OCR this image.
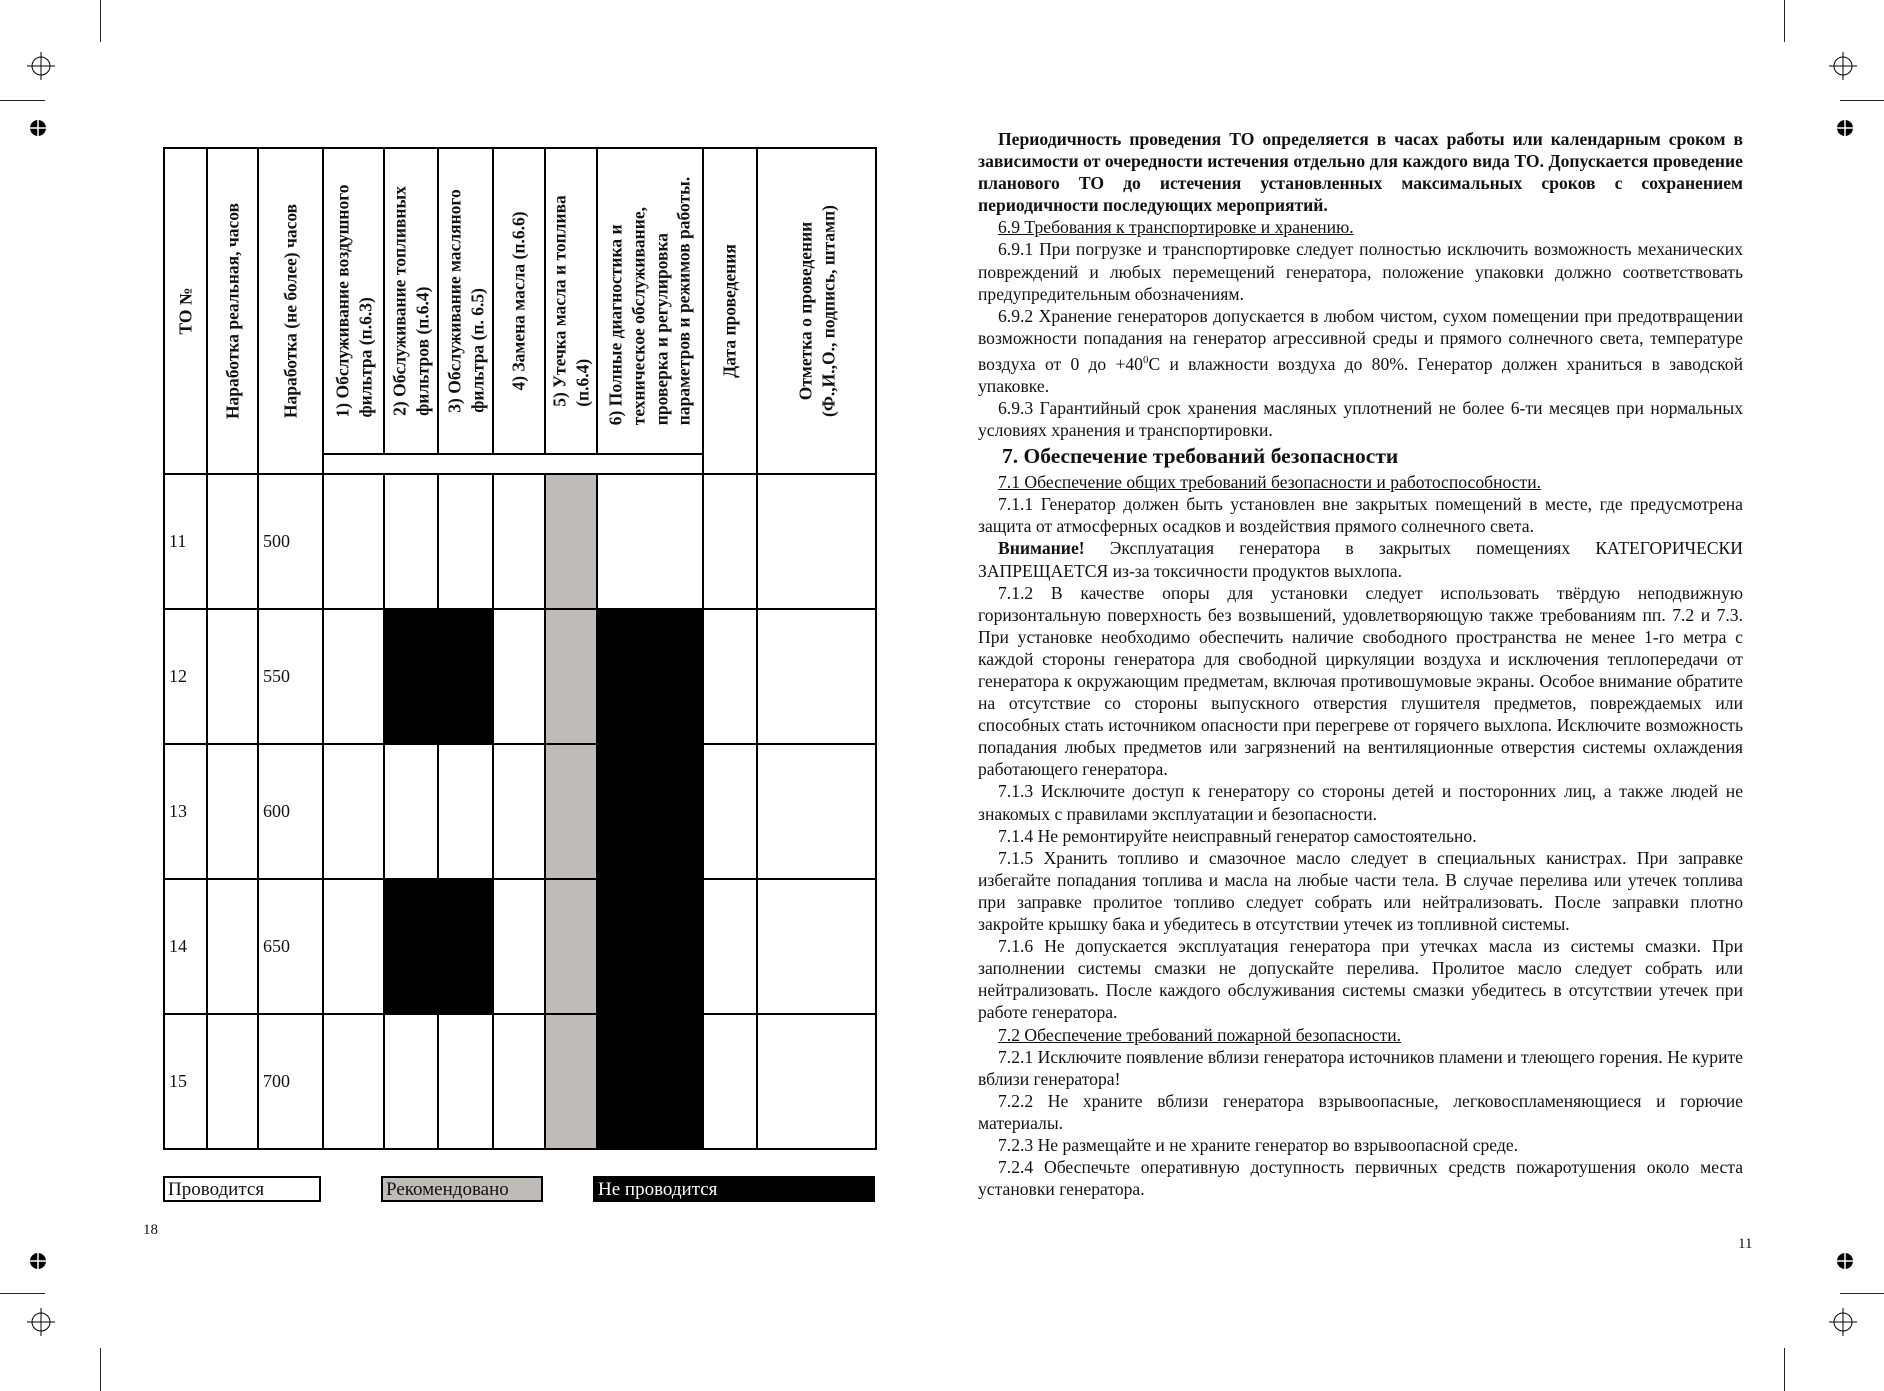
ТО №	Наработка реальная, часов	Наработка (не более) часов	1) Обслуживание воздушного фильтра (п.6.3)	2) Обслуживание топливных фильтров (п.6.4)	3) Обслуживание масляного фильтра (п. 6.5)	4) Замена масла (п.6.6)	5) Утечка масла и топлива (п.6.4)	6) Полные диагностика и техническое обслуживание, проверка и регулировка параметров и режимов работы.	Дата проведения	Отметка о проведении (Ф.,И.,О., подпись, штамп)

11		500								
12		550								
13		600								
14		650								
15		700								
Проводится	Рекомендовано	Не проводится
18

Периодичность проведения ТО определяется в часах работы или календарным сроком в зависимости от очередности истечения отдельно для каждого вида ТО. Допускается проведение планового ТО до истечения установленных максимальных сроков с сохранением периодичности последующих мероприятий.

6.9 Требования к транспортировке и хранению.

6.9.1 При погрузке и транспортировке следует полностью исключить возможность механических повреждений и любых перемещений генератора, положение упаковки должно соответствовать предупредительным обозначениям.

6.9.2 Хранение генераторов допускается в любом чистом, сухом помещении при предотвращении возможности попадания на генератор агрессивной среды и прямого солнечного света, температуре воздуха от 0 до $+40^0С$ и влажности воздуха до 80%. Генератор должен храниться в заводской упаковке.

6.9.3 Гарантийный срок хранения масляных уплотнений не более 6-ти месяцев при нормальных условиях хранения и транспортировки.

7. Обеспечение требований безопасности

7.1 Обеспечение общих требований безопасности и работоспособности.

7.1.1 Генератор должен быть установлен вне закрытых помещений в месте, где предусмотрена защита от атмосферных осадков и воздействия прямого солнечного света.

Внимание! Эксплуатация генератора в закрытых помещениях КАТЕГОРИЧЕСКИ ЗАПРЕЩАЕТСЯ из-за токсичности продуктов выхлопа.

7.1.2 В качестве опоры для установки следует использовать твёрдую неподвижную горизонтальную поверхность без возвышений, удовлетворяющую также требованиям пп. 7.2 и 7.3. При установке необходимо обеспечить наличие свободного пространства не менее 1-го метра с каждой стороны генератора для свободной циркуляции воздуха и исключения теплопередачи от генератора к окружающим предметам, включая противошумовые экраны. Особое внимание обратите на отсутствие со стороны выпускного отверстия глушителя предметов, повреждаемых или способных стать источником опасности при перегреве от горячего выхлопа. Исключите возможность попадания любых предметов или загрязнений на вентиляционные отверстия системы охлаждения работающего генератора.

7.1.3 Исключите доступ к генератору со стороны детей и посторонних лиц, а также людей не знакомых с правилами эксплуатации и безопасности.

7.1.4 Не ремонтируйте неисправный генератор самостоятельно.

7.1.5 Хранить топливо и смазочное масло следует в специальных канистрах. При заправке избегайте попадания топлива и масла на любые части тела. В случае перелива или утечек топлива при заправке пролитое топливо следует собрать или нейтрализовать. После заправки плотно закройте крышку бака и убедитесь в отсутствии утечек из топливной системы.

7.1.6 Не допускается эксплуатация генератора при утечках масла из системы смазки. При заполнении системы смазки не допускайте перелива. Пролитое масло следует собрать или нейтрализовать. После каждого обслуживания системы смазки убедитесь в отсутствии утечек при работе генератора.

7.2 Обеспечение требований пожарной безопасности.

7.2.1 Исключите появление вблизи генератора источников пламени и тлеющего горения. Не курите вблизи генератора!

7.2.2 Не храните вблизи генератора взрывоопасные, легковоспламеняющиеся и горючие материалы.

7.2.3 Не размещайте и не храните генератор во взрывоопасной среде.

7.2.4 Обеспечьте оперативную доступность первичных средств пожаротушения около места установки генератора.

11
